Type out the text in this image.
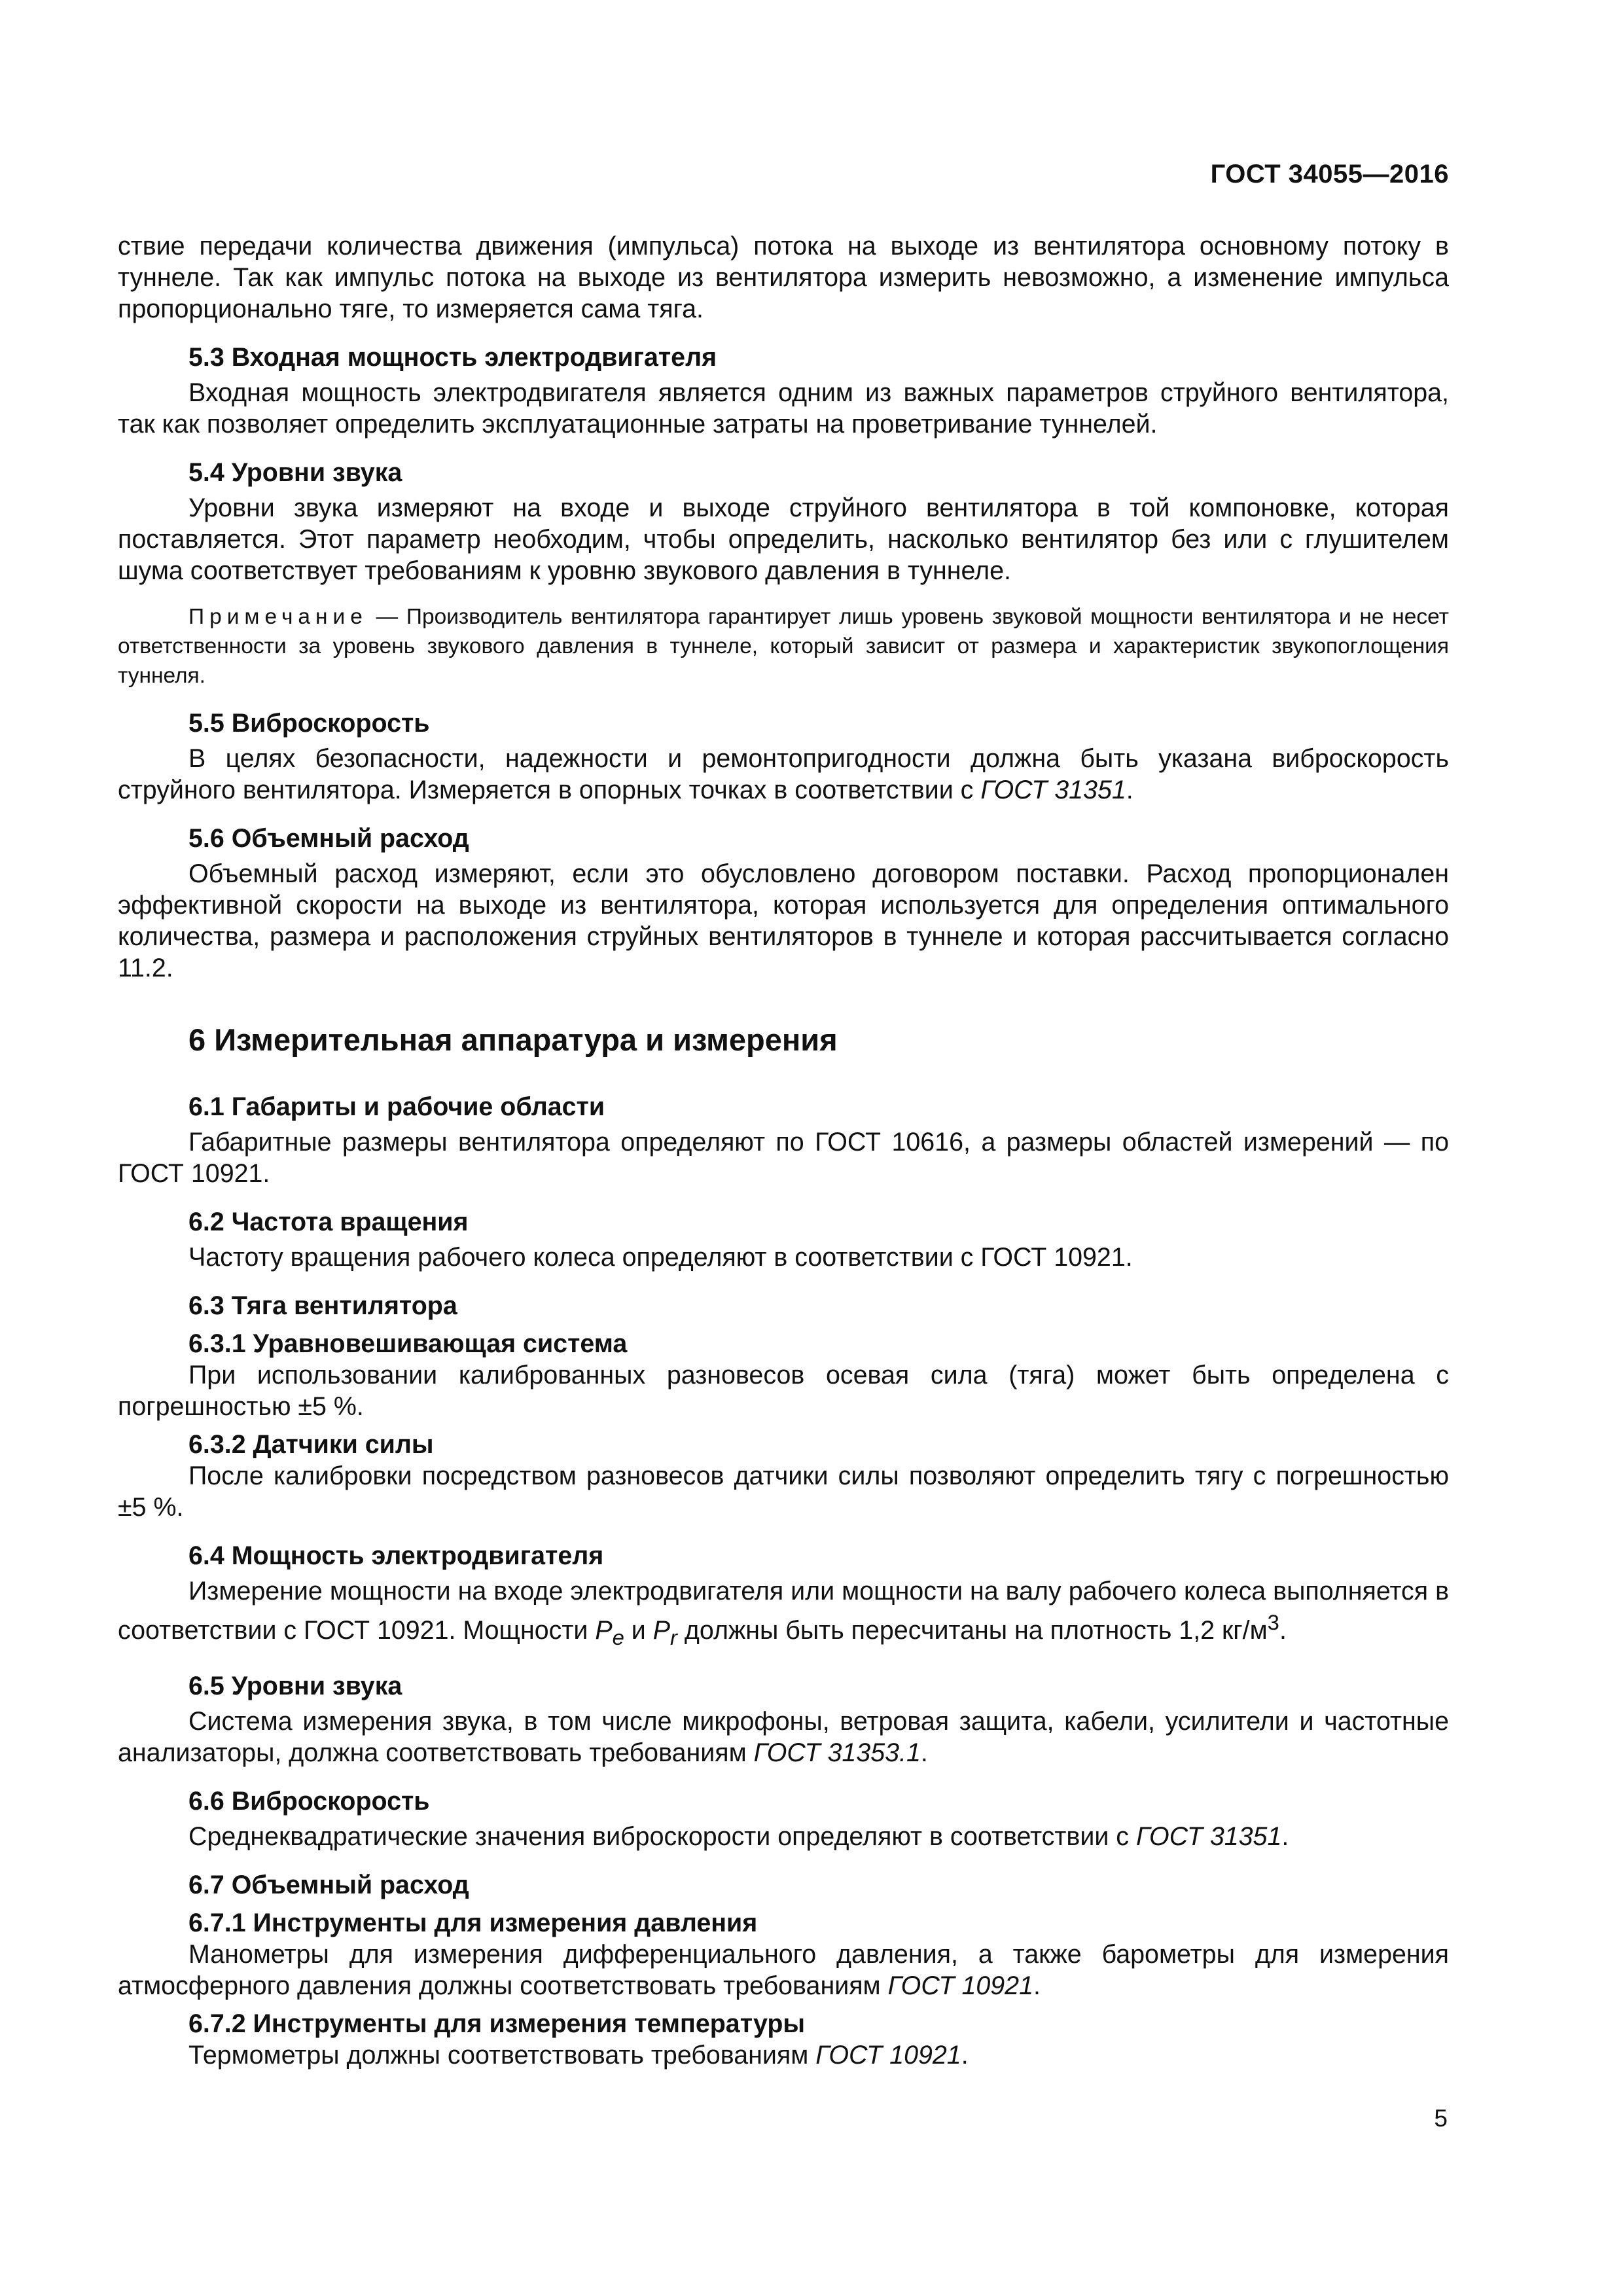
ГОСТ 34055—2016

ствие передачи количества движения (импульса) потока на выходе из вентилятора основному потоку в туннеле. Так как импульс потока на выходе из вентилятора измерить невозможно, а изменение импульса пропорционально тяге, то измеряется сама тяга.

5.3 Входная мощность электродвигателя

Входная мощность электродвигателя является одним из важных параметров струйного вентилятора, так как позволяет определить эксплуатационные затраты на проветривание туннелей.

5.4 Уровни звука

Уровни звука измеряют на входе и выходе струйного вентилятора в той компоновке, которая поставляется. Этот параметр необходим, чтобы определить, насколько вентилятор без или с глушителем шума соответствует требованиям к уровню звукового давления в туннеле.

Примечание — Производитель вентилятора гарантирует лишь уровень звуковой мощности вентилятора и не несет ответственности за уровень звукового давления в туннеле, который зависит от размера и характеристик звукопоглощения туннеля.
5.5 Виброскорость

В целях безопасности, надежности и ремонтопригодности должна быть указана виброскорость струйного вентилятора. Измеряется в опорных точках в соответствии с ГОСТ 31351.

5.6 Объемный расход

Объемный расход измеряют, если это обусловлено договором поставки. Расход пропорционален эффективной скорости на выходе из вентилятора, которая используется для определения оптимального количества, размера и расположения струйных вентиляторов в туннеле и которая рассчитывается согласно 11.2.

6 Измерительная аппаратура и измерения
6.1 Габариты и рабочие области

Габаритные размеры вентилятора определяют по ГОСТ 10616, а размеры областей измерений — по ГОСТ 10921.

6.2 Частота вращения

Частоту вращения рабочего колеса определяют в соответствии с ГОСТ 10921.

6.3 Тяга вентилятора
6.3.1 Уравновешивающая система

При использовании калиброванных разновесов осевая сила (тяга) может быть определена с погрешностью ±5 %.

6.3.2 Датчики силы

После калибровки посредством разновесов датчики силы позволяют определить тягу с погрешностью ±5 %.

6.4 Мощность электродвигателя

Измерение мощности на входе электродвигателя или мощности на валу рабочего колеса выполняется в соответствии с ГОСТ 10921. Мощности $P_e$ и $P_r$ должны быть пересчитаны на плотность 1,2 $кг/м^3$.

6.5 Уровни звука

Система измерения звука, в том числе микрофоны, ветровая защита, кабели, усилители и частотные анализаторы, должна соответствовать требованиям ГОСТ 31353.1.

6.6 Виброскорость

Среднеквадратические значения виброскорости определяют в соответствии с ГОСТ 31351.

6.7 Объемный расход
6.7.1 Инструменты для измерения давления

Манометры для измерения дифференциального давления, а также барометры для измерения атмосферного давления должны соответствовать требованиям ГОСТ 10921.

6.7.2 Инструменты для измерения температуры

Термометры должны соответствовать требованиям ГОСТ 10921.

5
